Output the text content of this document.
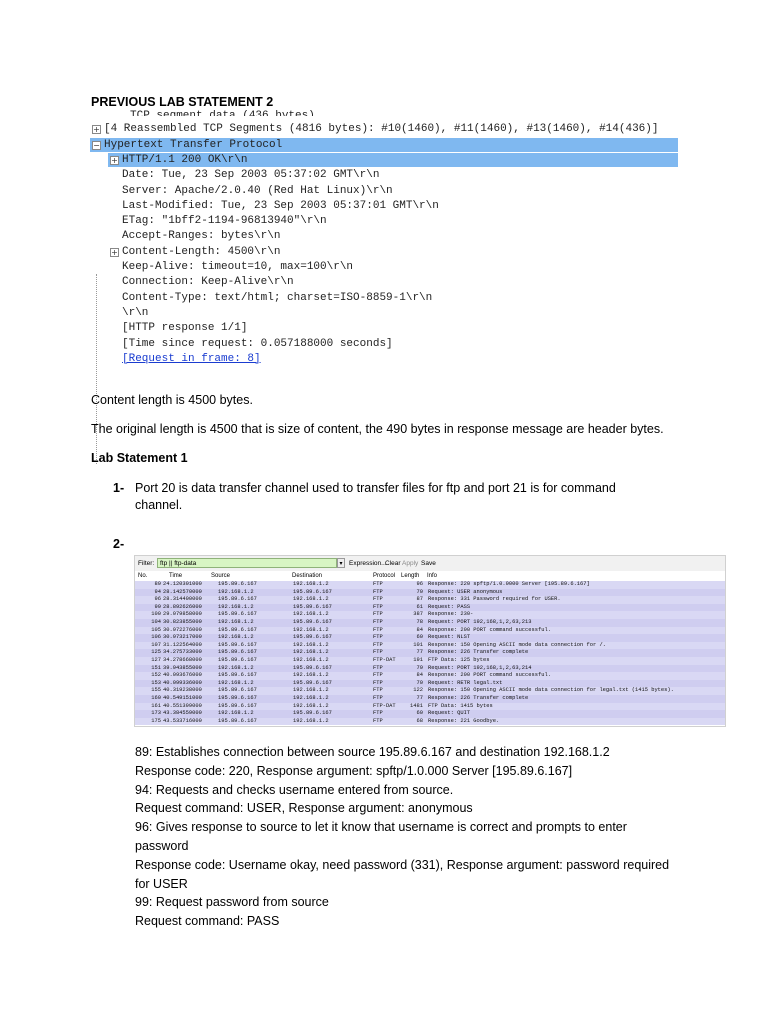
PREVIOUS LAB STATEMENT 2
+ [4 Reassembled TCP Segments (4816 bytes): #10(1460), #11(1460), #13(1460), #14(436)]
− Hypertext Transfer Protocol
+ HTTP/1.1 200 OK\r\n
Date: Tue, 23 Sep 2003 05:37:02 GMT\r\n
Server: Apache/2.0.40 (Red Hat Linux)\r\n
Last-Modified: Tue, 23 Sep 2003 05:37:01 GMT\r\n
ETag: "1bff2-1194-96813940"\r\n
Accept-Ranges: bytes\r\n
+ Content-Length: 4500\r\n
Keep-Alive: timeout=10, max=100\r\n
Connection: Keep-Alive\r\n
Content-Type: text/html; charset=ISO-8859-1\r\n
\r\n
[HTTP response 1/1]
[Time since request: 0.057188000 seconds]
[Request in frame: 8]
Content length is 4500 bytes.
The original length is 4500 that is size of content, the 490 bytes in response message are header bytes.
Lab Statement 1
1- Port 20 is data transfer channel used to transfer files for ftp and port 21 is for command channel.
2-
Filter: ftp || ftp-data	▾	Expression...
Clear Apply Save
No.	Time	Source	Destination	Protocol Length Info
89 24.120301000	195.89.6.167	192.168.1.2	FTP	96 Response: 220 spftp/1.0.0000 Server [195.89.6.167]
94 28.142570000	192.168.1.2	195.89.6.167	FTP	70 Request: USER anonymous
96 28.314400000	195.89.6.167	192.168.1.2	FTP	87 Response: 331 Password required for USER.
99 28.892626000	192.168.1.2	195.89.6.167	FTP	61 Request: PASS
100 29.079858000	195.89.6.167	192.168.1.2	FTP	387 Response: 230-
104 30.823855000	192.168.1.2	195.89.6.167	FTP	78 Request: PORT 192,168,1,2,63,213
105 30.972276000	195.89.6.167	192.168.1.2	FTP	84 Response: 200 PORT command successful.
106 30.973217000	192.168.1.2	195.89.6.167	FTP	60 Request: NLST
107 31.122564000	195.89.6.167	192.168.1.2	FTP	101 Response: 150 Opening ASCII mode data connection for /.
125 34.275733000	195.89.6.167	192.168.1.2	FTP	77 Response: 226 Transfer complete
127 34.278668000	195.89.6.167	192.168.1.2	FTP-DAT	191 FTP Data: 125 bytes
151 39.943855000	192.168.1.2	195.89.6.167	FTP	79 Request: PORT 192,168,1,2,63,214
152 40.093676000	195.89.6.167	192.168.1.2	FTP	84 Response: 200 PORT command successful.
153 40.099336000	192.168.1.2	195.89.6.167	FTP	70 Request: RETR legal.txt
155 40.319238000	195.89.6.167	192.168.1.2	FTP	122 Response: 150 Opening ASCII mode data connection for legal.txt (1415 bytes).
160 40.549151000	195.89.6.167	192.168.1.2	FTP	77 Response: 226 Transfer complete
161 40.551399000	195.89.6.167	192.168.1.2	FTP-DAT	1481 FTP Data: 1415 bytes
173 43.384559000	192.168.1.2	195.89.6.167	FTP	60 Request: QUIT
175 43.533716000	195.89.6.167	192.168.1.2	FTP	68 Response: 221 Goodbye.
89: Establishes connection between source 195.89.6.167 and destination 192.168.1.2
Response code: 220, Response argument: spftp/1.0.000 Server [195.89.6.167]
94: Requests and checks username entered from source.
Request command: USER, Response argument: anonymous
96: Gives response to source to let it know that username is correct and prompts to enter
password
Response code: Username okay, need password (331), Response argument: password required
for USER
99: Request password from source
Request command: PASS
